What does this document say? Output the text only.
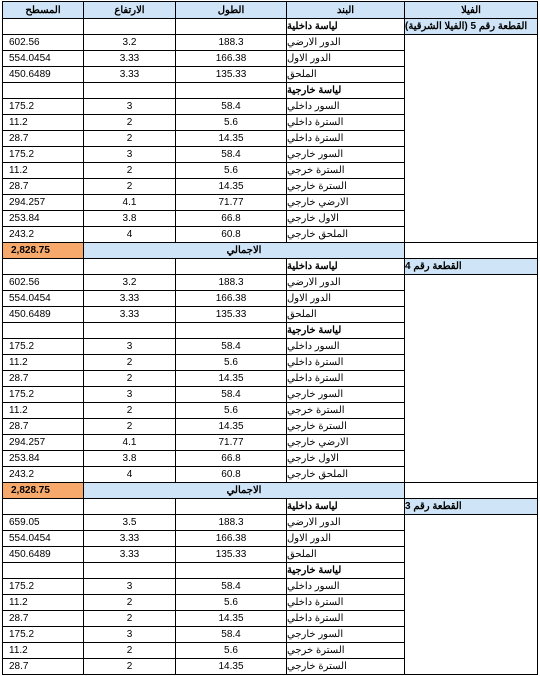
المسطح	الارتفاع	الطول	البند	الفيلا
لياسة داخلية	القطعة رقم 5 (الفيلا الشرقية)
602.56	3.2	188.3	الدور الارضي
554.0454	3.33	166.38	الدور الاول
450.6489	3.33	135.33	الملحق
لياسة خارجية
175.2	3	58.4	السور داخلي
11.2	2	5.6	السترة داخلي
28.7	2	14.35	السترة داخلي
175.2	3	58.4	السور خارجي
11.2	2	5.6	السترة خرجي
28.7	2	14.35	السترة خارجي
294.257	4.1	71.77	الارضي خارجي
253.84	3.8	66.8	الاول خارجي
243.2	4	60.8	الملحق خارجي
2,828.75	الاجمالي
لياسة داخلية	القطعة رقم 4
602.56	3.2	188.3	الدور الارضي
554.0454	3.33	166.38	الدور الاول
450.6489	3.33	135.33	الملحق
لياسة خارجية
175.2	3	58.4	السور داخلي
11.2	2	5.6	السترة داخلي
28.7	2	14.35	السترة داخلي
175.2	3	58.4	السور خارجي
11.2	2	5.6	السترة خرجي
28.7	2	14.35	السترة خارجي
294.257	4.1	71.77	الارضي خارجي
253.84	3.8	66.8	الاول خارجي
243.2	4	60.8	الملحق خارجي
2,828.75	الاجمالي
لياسة داخلية	القطعة رقم 3
659.05	3.5	188.3	الدور الارضي
554.0454	3.33	166.38	الدور الاول
450.6489	3.33	135.33	الملحق
لياسة خارجية
175.2	3	58.4	السور داخلي
11.2	2	5.6	السترة داخلي
28.7	2	14.35	السترة داخلي
175.2	3	58.4	السور خارجي
11.2	2	5.6	السترة خرجي
28.7	2	14.35	السترة خارجي
